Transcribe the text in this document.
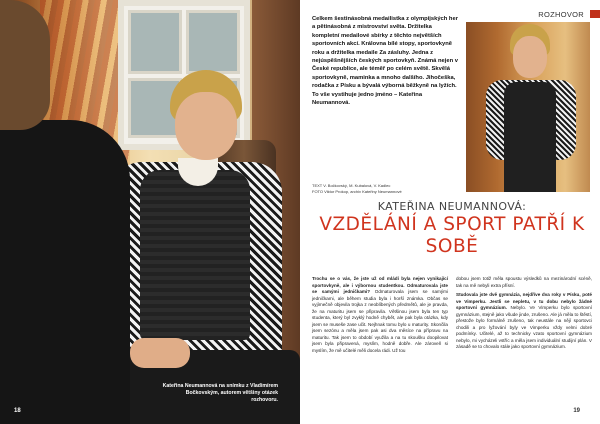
Kateřina Neumannová na snímku z Vladimírem Bočkovským, autorem většiny otázek rozhovoru.
18
ROZHOVOR
Celkem šestinásobná medailistka z olympijských her a pětinásobná z mistrovství světa. Držitelka kompletní medailové sbírky z těchto největších sportovních akcí. Královna bílé stopy, sportovkyně roku a držitelka medaile Za zásluhy. Jedna z nejúspěšnějších českých sportovkyň. Známá nejen v České republice, ale téměř po celém světě. Skvělá sportovkyně, maminka a mnoho dalšího. Jihočeška, rodačka z Písku a bývalá výborná běžkyně na lyžích. To vše vystihuje jedno jméno – Kateřina Neumannová.
TEXT V. Bočkovský, M. Kubalová, V. Kadlec
FOTO Viktor Prokop, archiv Kateřiny Neumannové
KATEŘINA NEUMANNOVÁ:
VZDĚLÁNÍ A SPORT PATŘÍ K SOBĚ

Trochu se o vás, že jste už od mládí byla nejen vynikající sportovkyně, ale i výbornou studentkou. Odmaturovala jste se samými jedničkami? Odmaturovala jsem se samými jedničkami, ale během studia byla i horší známka. Občas se vyjímečně objevila trojka z neoblíbených předmětů, ale je pravda, že na maturitu jsem se připravila. Většinou jsem byla ten typ studenta, který byl zvyklý hodně chybět, ale pak byla otázka, kdy jsem se museše zase učit. Nejhnak tomu bylo u maturity. Skončila jsem sezónu a měla jsem pak asi dva měsíce na přípravu na maturitu. Tak jsem to období využila a na tu skoušku doopilovat jsem byla připravená, myslím, hodně dobře. Ale zároveň si myslím, že mě učitelé měli docela rádi. Už tou

dobou jsem totiž měla spoustu výsledků na mezinárodní scéně, tak na mě nebyli extra přísní.

Studovala jste dvě gymnázia, nejdříve dva roky v Písku, poté ve Vimperku. Jestli se nepletu, v tu dobu nebylo žádné sportovní gymnázium. Nebylo. Ve Vimperku bylo sportovní gymnázium, stejně jako všude jinde, zrušeno. Ale já měla to štěstí, přestože bylo formálně zrušeno, tak neustále na nějí sportovci chodili a pro lyžování byly ve Vimperku vždy velmi dobré podmínky. Učitelé, až to technicky vzato sportovní gymnázium nebylo, mi vycházeli vstříc a měla jsem individuální studijní plán. V zásadě se to chovalo stále jako sportovní gymnázium.

19
